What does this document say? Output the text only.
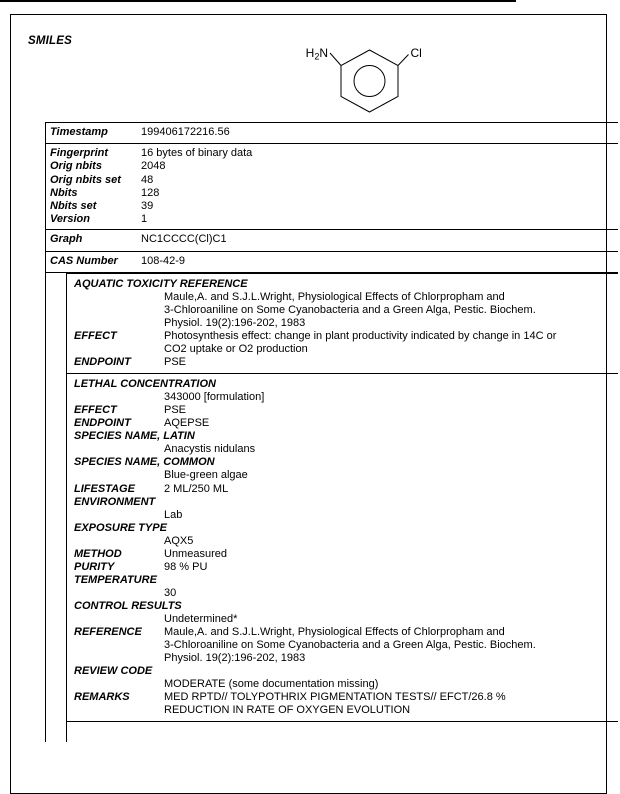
SMILES
$H_2N$	Cl
Timestamp	199406172216.56
Fingerprint	16 bytes of binary data
Orig nbits	2048
Orig nbits set	48
Nbits	128
Nbits set	39
Version	1
Graph	NC1CCCC(Cl)C1
CAS Number	108-42-9
AQUATIC TOXICITY REFERENCE
Maule,A. and S.J.L.Wright, Physiological Effects of Chlorpropham and
3-Chloroaniline on Some Cyanobacteria and a Green Alga, Pestic. Biochem.
Physiol. 19(2):196-202, 1983
EFFECT	Photosynthesis effect: change in plant productivity indicated by change in 14C or
CO2 uptake or O2 production
ENDPOINT	PSE
LETHAL CONCENTRATION
343000 [formulation]
EFFECT	PSE
ENDPOINT	AQEPSE
SPECIES NAME, LATIN
Anacystis nidulans
SPECIES NAME, COMMON
Blue-green algae
LIFESTAGE	2 ML/250 ML
ENVIRONMENT
Lab
EXPOSURE TYPE
AQX5
METHOD	Unmeasured
PURITY	98 % PU
TEMPERATURE
30
CONTROL RESULTS
Undetermined*
REFERENCE	Maule,A. and S.J.L.Wright, Physiological Effects of Chlorpropham and
3-Chloroaniline on Some Cyanobacteria and a Green Alga, Pestic. Biochem.
Physiol. 19(2):196-202, 1983
REVIEW CODE
MODERATE (some documentation missing)
REMARKS	MED RPTD// TOLYPOTHRIX PIGMENTATION TESTS// EFCT/26.8 %
REDUCTION IN RATE OF OXYGEN EVOLUTION
